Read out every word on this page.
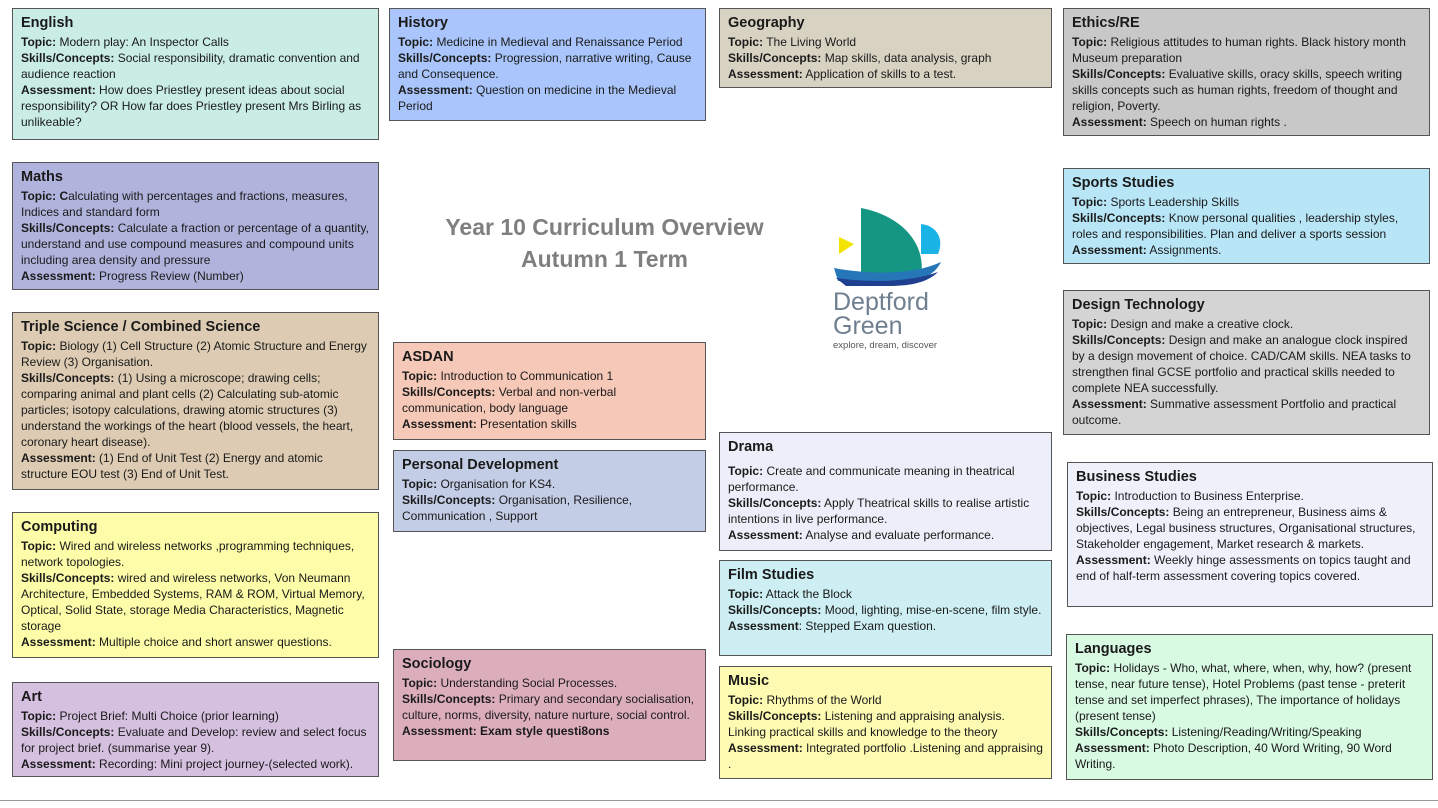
English

Topic: Modern play: An Inspector Calls

Skills/Concepts: Social responsibility, dramatic convention and audience reaction

Assessment: How does Priestley present ideas about social responsibility? OR How far does Priestley present Mrs Birling as unlikeable?

History

Topic: Medicine in Medieval and Renaissance Period

Skills/Concepts: Progression, narrative writing, Cause and Consequence.

Assessment: Question on medicine in the Medieval Period

Geography

Topic: The Living World

Skills/Concepts: Map skills, data analysis, graph

Assessment: Application of skills to a test.

Ethics/RE

Topic: Religious attitudes to human rights. Black history month Museum preparation

Skills/Concepts: Evaluative skills, oracy skills, speech writing skills concepts such as human rights, freedom of thought and religion, Poverty.

Assessment: Speech on human rights .

Maths

Topic: Calculating with percentages and fractions, measures, Indices and standard form

Skills/Concepts: Calculate a fraction or percentage of a quantity, understand and use compound measures and compound units including area density and pressure

Assessment: Progress Review (Number)

Year 10 Curriculum Overview
Autumn 1 Term
Deptford
Green
explore, dream, discover
Sports Studies

Topic: Sports Leadership Skills

Skills/Concepts: Know personal qualities , leadership styles, roles and responsibilities. Plan and deliver a sports session

Assessment: Assignments.

Triple Science / Combined Science

Topic: Biology (1) Cell Structure (2) Atomic Structure and Energy Review (3) Organisation.

Skills/Concepts: (1) Using a microscope; drawing cells; comparing animal and plant cells (2) Calculating sub-atomic particles; isotopy calculations, drawing atomic structures (3) understand the workings of the heart (blood vessels, the heart, coronary heart disease).

Assessment: (1) End of Unit Test (2) Energy and atomic structure EOU test (3) End of Unit Test.

Design Technology

Topic: Design and make a creative clock.

Skills/Concepts: Design and make an analogue clock inspired by a design movement of choice. CAD/CAM skills. NEA tasks to strengthen final GCSE portfolio and practical skills needed to complete NEA successfully.

Assessment: Summative assessment Portfolio and practical outcome.

ASDAN

Topic: Introduction to Communication 1

Skills/Concepts: Verbal and non-verbal communication, body language

Assessment: Presentation skills

Drama

Topic: Create and communicate meaning in theatrical performance.

Skills/Concepts: Apply Theatrical skills to realise artistic intentions in live performance.

Assessment: Analyse and evaluate performance.

Personal Development

Topic: Organisation for KS4.

Skills/Concepts: Organisation, Resilience, Communication , Support

Business Studies

Topic: Introduction to Business Enterprise.

Skills/Concepts: Being an entrepreneur, Business aims & objectives, Legal business structures, Organisational structures, Stakeholder engagement, Market research & markets.

Assessment: Weekly hinge assessments on topics taught and end of half-term assessment covering topics covered.

Computing

Topic: Wired and wireless networks ,programming techniques, network topologies.

Skills/Concepts: wired and wireless networks, Von Neumann Architecture, Embedded Systems, RAM & ROM, Virtual Memory, Optical, Solid State, storage Media Characteristics, Magnetic storage

Assessment: Multiple choice and short answer questions.

Film Studies

Topic: Attack the Block

Skills/Concepts: Mood, lighting, mise-en-scene, film style.

Assessment: Stepped Exam question.

Languages

Topic: Holidays - Who, what, where, when, why, how? (present tense, near future tense), Hotel Problems (past tense - preterit tense and set imperfect phrases), The importance of holidays (present tense)

Skills/Concepts: Listening/Reading/Writing/Speaking

Assessment: Photo Description, 40 Word Writing, 90 Word Writing.

Sociology

Topic: Understanding Social Processes.

Skills/Concepts: Primary and secondary socialisation, culture, norms, diversity, nature nurture, social control.

Assessment: Exam style questi8ons

Music

Topic: Rhythms of the World

Skills/Concepts: Listening and appraising analysis. Linking practical skills and knowledge to the theory

Assessment: Integrated portfolio .Listening and appraising .

Art

Topic: Project Brief: Multi Choice (prior learning)

Skills/Concepts: Evaluate and Develop: review and select focus for project brief. (summarise year 9).

Assessment: Recording: Mini project journey-(selected work).
